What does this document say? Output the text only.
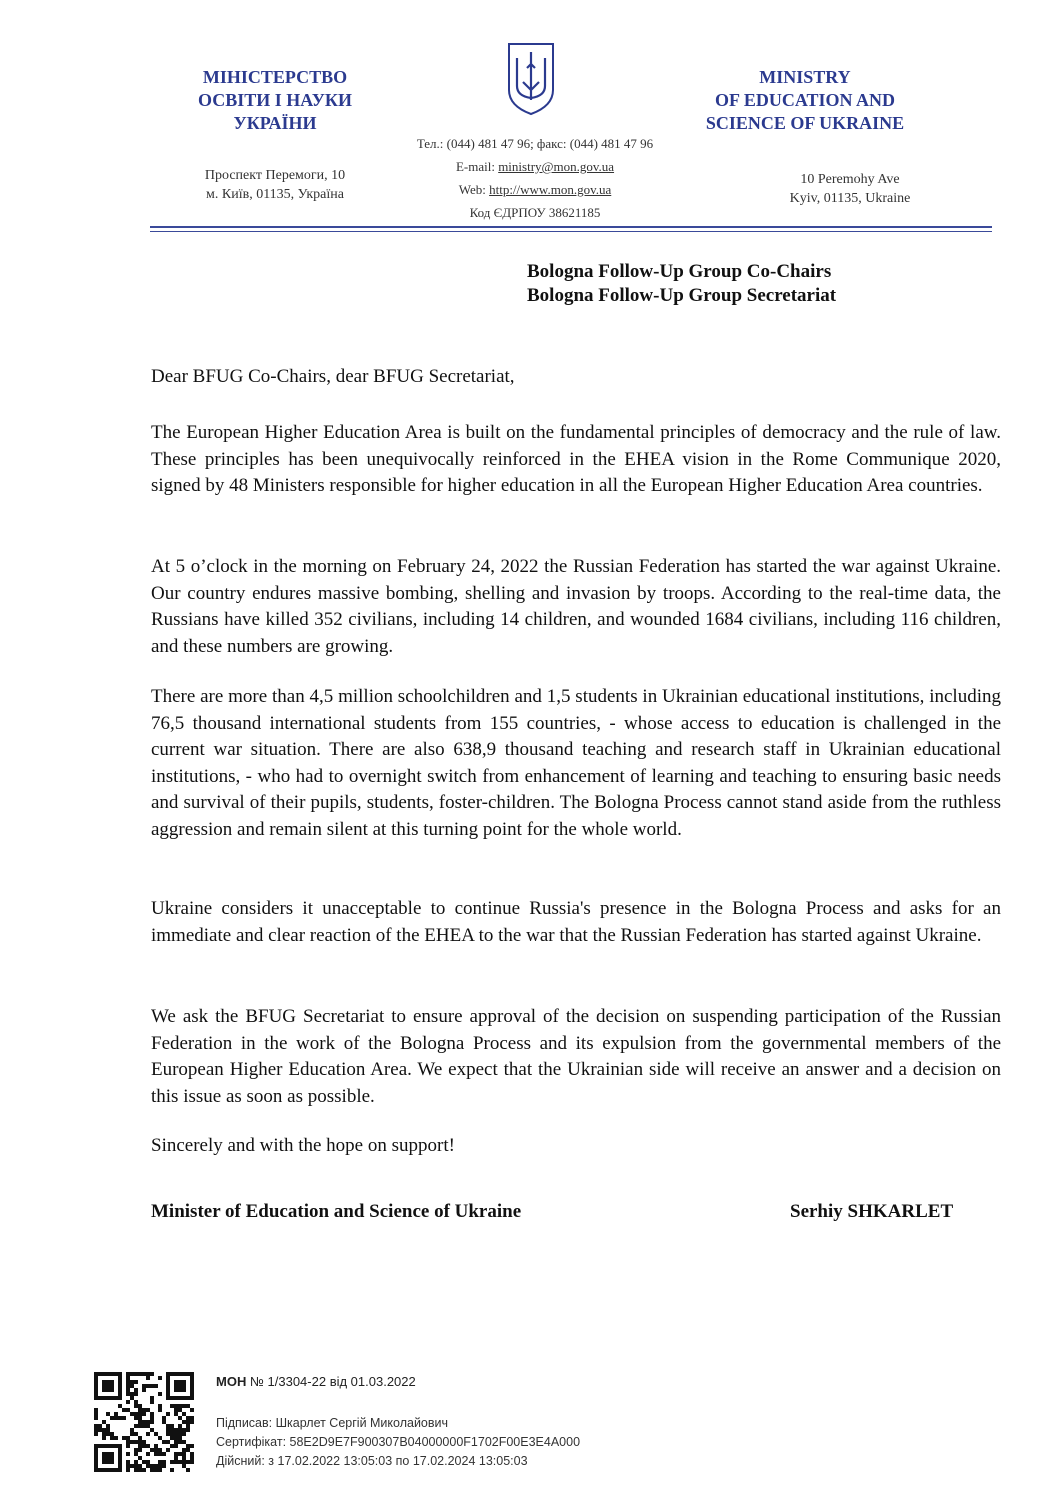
МІНІСТЕРСТВО
ОСВІТИ І НАУКИ
УКРАЇНИ
MINISTRY
OF EDUCATION AND
SCIENCE OF UKRAINE
Проспект Перемоги, 10
м. Київ, 01135, Україна
Тел.: (044) 481 47 96; факс: (044) 481 47 96
E-mail: ministry@mon.gov.ua
Web: http://www.mon.gov.ua
Код ЄДРПОУ 38621185
10 Peremohy Ave
Kyiv, 01135, Ukraine
Bologna Follow-Up Group Co-Chairs
Bologna Follow-Up Group Secretariat
Dear BFUG Co-Chairs, dear BFUG Secretariat,
The European Higher Education Area is built on the fundamental principles of democracy and the rule of law. These principles has been unequivocally reinforced in the EHEA vision in the Rome Communique 2020, signed by 48 Ministers responsible for higher education in all the European Higher Education Area countries.
At 5 o’clock in the morning on February 24, 2022 the Russian Federation has started the war against Ukraine. Our country endures massive bombing, shelling and invasion by troops. According to the real-time data, the Russians have killed 352 civilians, including 14 children, and wounded 1684 civilians, including 116 children, and these numbers are growing.
There are more than 4,5 million schoolchildren and 1,5 students in Ukrainian educational institutions, including 76,5 thousand international students from 155 countries, - whose access to education is challenged in the current war situation. There are also 638,9 thousand teaching and research staff in Ukrainian educational institutions, - who had to overnight switch from enhancement of learning and teaching to ensuring basic needs and survival of their pupils, students, foster-children. The Bologna Process cannot stand aside from the ruthless aggression and remain silent at this turning point for the whole world.
Ukraine considers it unacceptable to continue Russia's presence in the Bologna Process and asks for an immediate and clear reaction of the EHEA to the war that the Russian Federation has started against Ukraine.
We ask the BFUG Secretariat to ensure approval of the decision on suspending participation of the Russian Federation in the work of the Bologna Process and its expulsion from the governmental members of the European Higher Education Area. We expect that the Ukrainian side will receive an answer and a decision on this issue as soon as possible.
Sincerely and with the hope on support!
Minister of Education and Science of Ukraine	Serhiy SHKARLET
МОН № 1/3304-22 від 01.03.2022
Підписав: Шкарлет Сергій Миколайович
Сертифікат: 58E2D9E7F900307B04000000F1702F00E3E4A000
Дійсний: з 17.02.2022 13:05:03 по 17.02.2024 13:05:03
